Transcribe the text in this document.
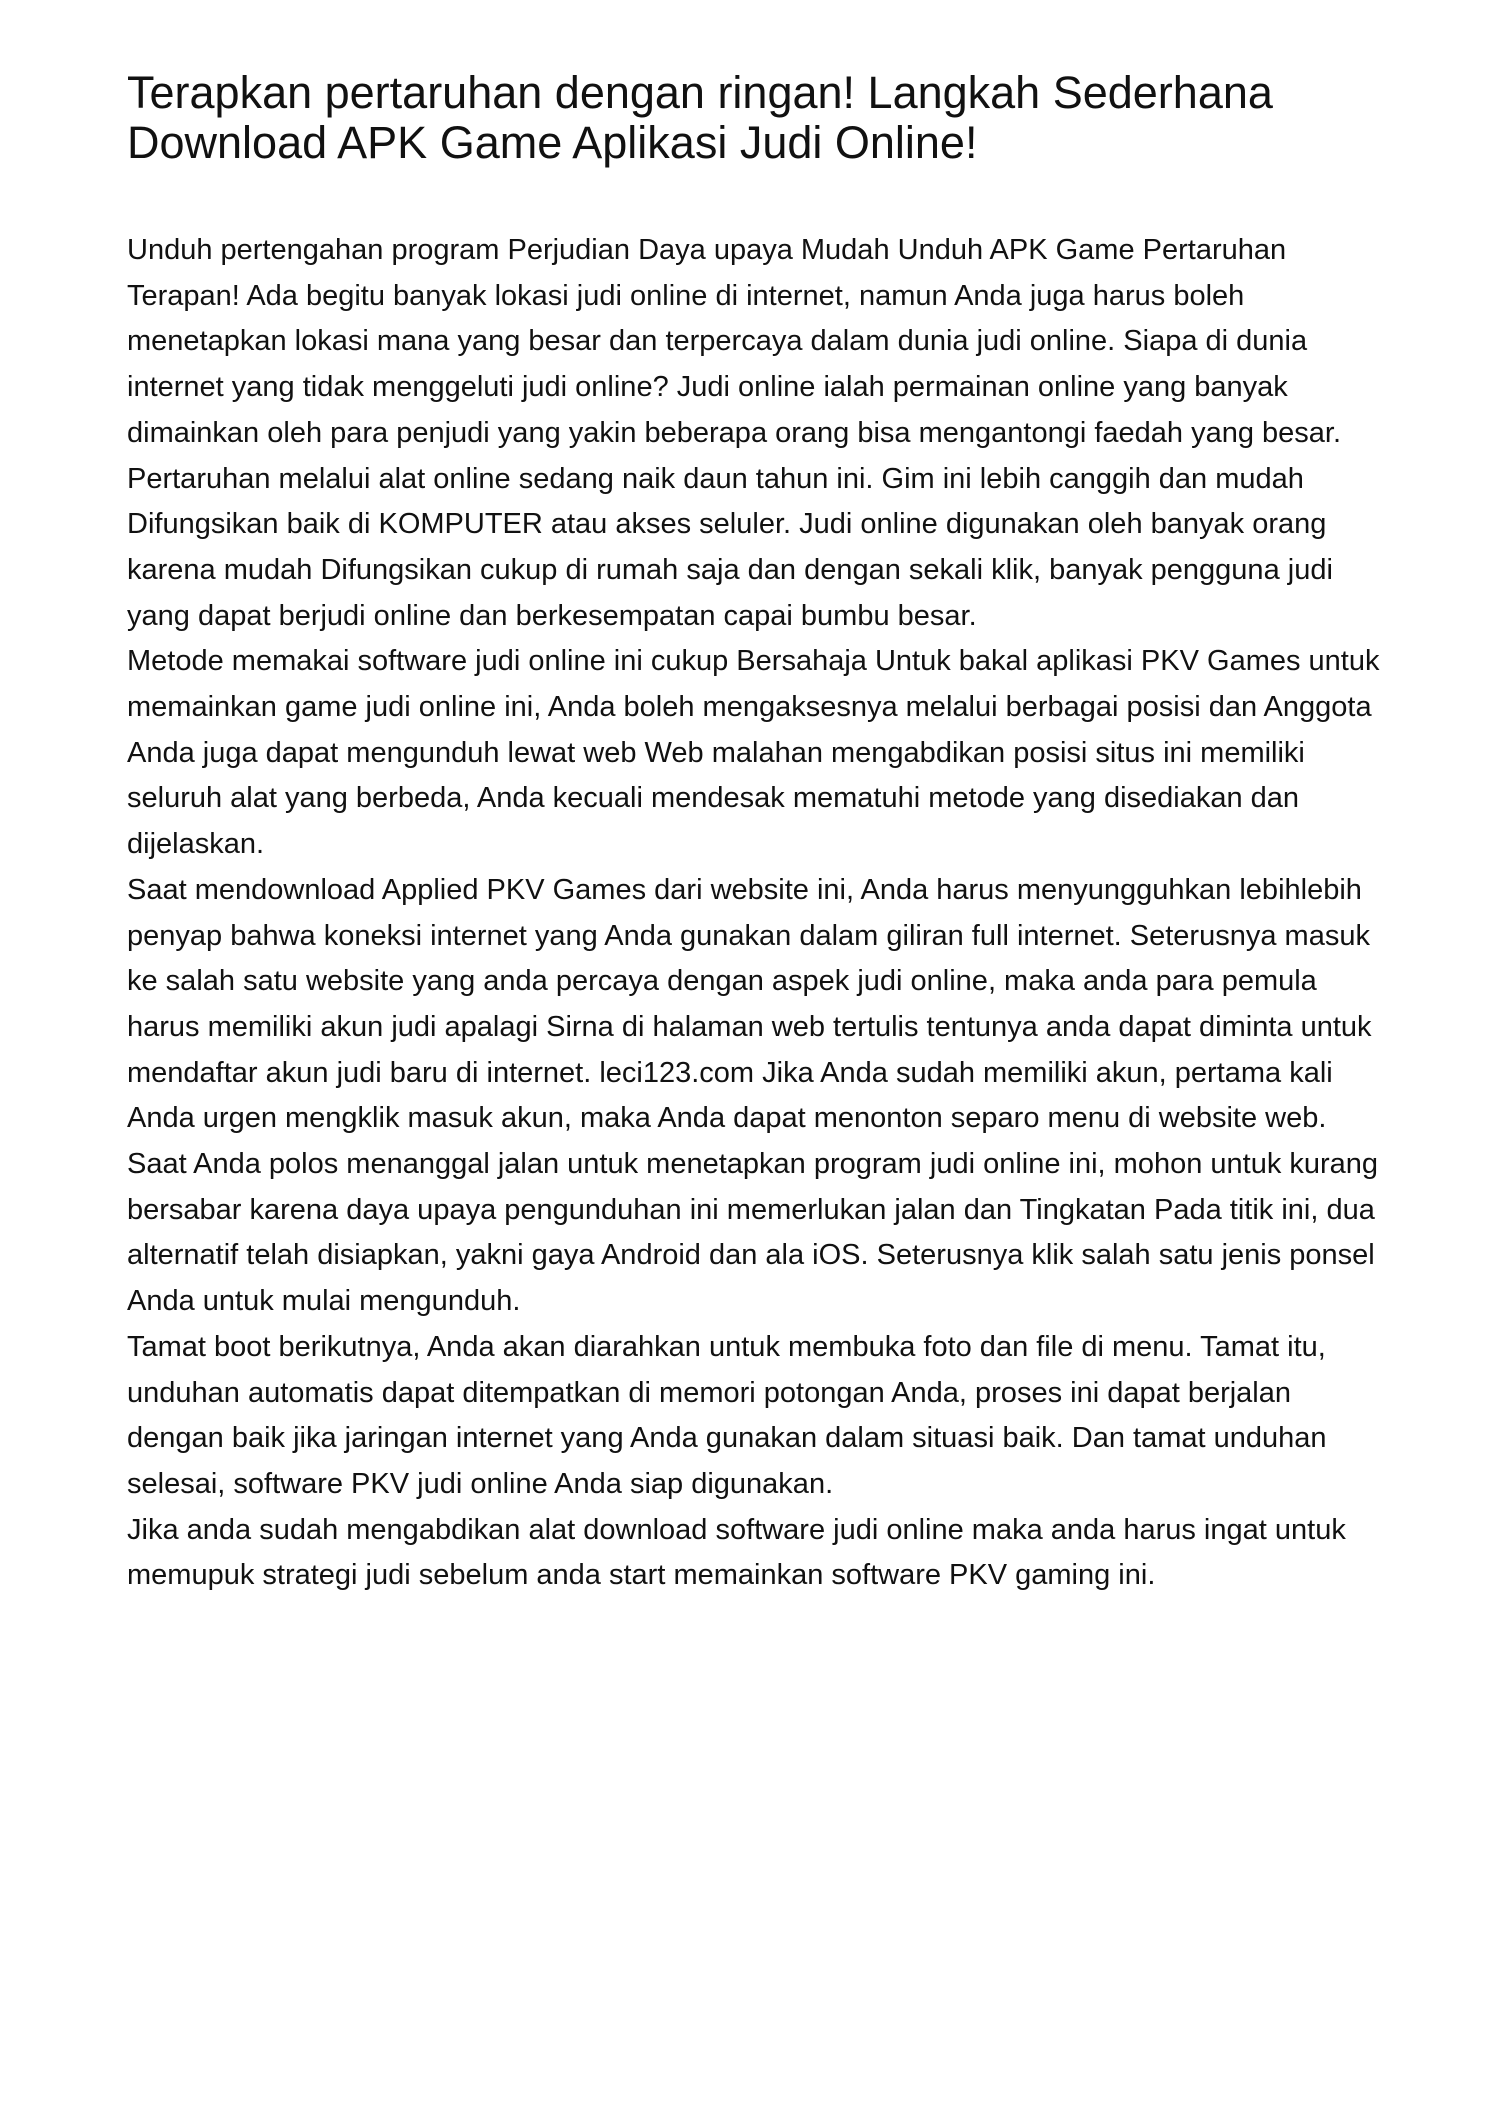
Terapkan pertaruhan dengan ringan! Langkah Sederhana Download APK Game Aplikasi Judi Online!

Unduh pertengahan program Perjudian Daya upaya Mudah Unduh APK Game Pertaruhan Terapan! Ada begitu banyak lokasi judi online di internet, namun Anda juga harus boleh menetapkan lokasi mana yang besar dan terpercaya dalam dunia judi online. Siapa di dunia internet yang tidak menggeluti judi online? Judi online ialah permainan online yang banyak dimainkan oleh para penjudi yang yakin beberapa orang bisa mengantongi faedah yang besar.

Pertaruhan melalui alat online sedang naik daun tahun ini. Gim ini lebih canggih dan mudah Difungsikan baik di KOMPUTER atau akses seluler. Judi online digunakan oleh banyak orang karena mudah Difungsikan cukup di rumah saja dan dengan sekali klik, banyak pengguna judi yang dapat berjudi online dan berkesempatan capai bumbu besar.

Metode memakai software judi online ini cukup Bersahaja Untuk bakal aplikasi PKV Games untuk memainkan game judi online ini, Anda boleh mengaksesnya melalui berbagai posisi dan Anggota Anda juga dapat mengunduh lewat web Web malahan mengabdikan posisi situs ini memiliki seluruh alat yang berbeda, Anda kecuali mendesak mematuhi metode yang disediakan dan dijelaskan.

Saat mendownload Applied PKV Games dari website ini, Anda harus menyungguhkan lebihlebih penyap bahwa koneksi internet yang Anda gunakan dalam giliran full internet. Seterusnya masuk ke salah satu website yang anda percaya dengan aspek judi online, maka anda para pemula harus memiliki akun judi apalagi Sirna di halaman web tertulis tentunya anda dapat diminta untuk mendaftar akun judi baru di internet. leci123.com Jika Anda sudah memiliki akun, pertama kali Anda urgen mengklik masuk akun, maka Anda dapat menonton separo menu di website web.

Saat Anda polos menanggal jalan untuk menetapkan program judi online ini, mohon untuk kurang bersabar karena daya upaya pengunduhan ini memerlukan jalan dan Tingkatan Pada titik ini, dua alternatif telah disiapkan, yakni gaya Android dan ala iOS. Seterusnya klik salah satu jenis ponsel Anda untuk mulai mengunduh.

Tamat boot berikutnya, Anda akan diarahkan untuk membuka foto dan file di menu. Tamat itu, unduhan automatis dapat ditempatkan di memori potongan Anda, proses ini dapat berjalan dengan baik jika jaringan internet yang Anda gunakan dalam situasi baik. Dan tamat unduhan selesai, software PKV judi online Anda siap digunakan.

Jika anda sudah mengabdikan alat download software judi online maka anda harus ingat untuk memupuk strategi judi sebelum anda start memainkan software PKV gaming ini.
